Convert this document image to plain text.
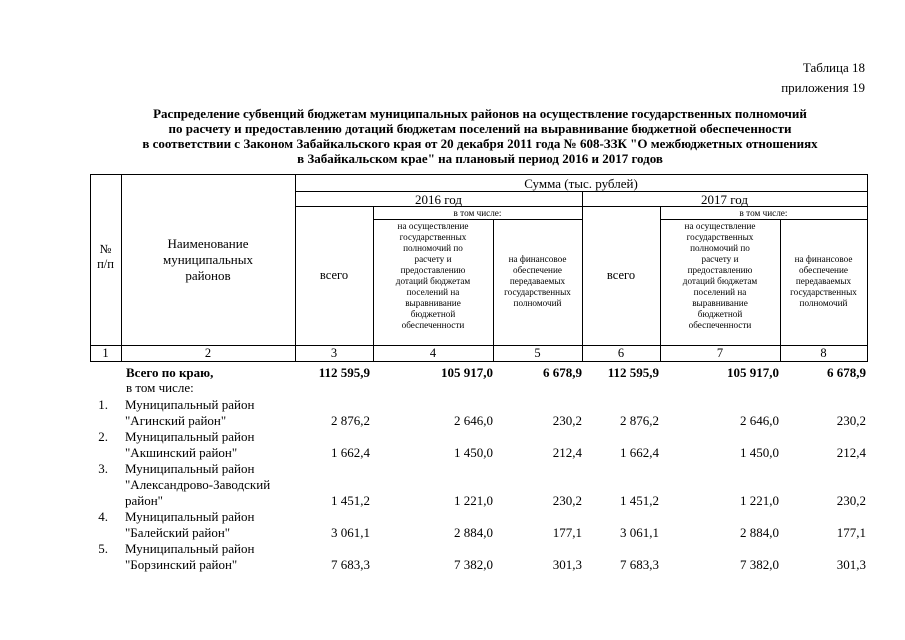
Таблица 18
приложения 19
Распределение субвенций бюджетам муниципальных районов на осуществление государственных полномочий
по расчету и предоставлению дотаций бюджетам поселений на выравнивание бюджетной обеспеченности
в соответствии с Законом Забайкальского края от 20 декабря 2011 года № 608-ЗЗК "О межбюджетных отношениях
в Забайкальском крае" на плановый период 2016 и 2017 годов
№
п/п
Наименование
муниципальных
районов
Сумма (тыс. рублей)
2016 год	2017 год
в том числе:	в том числе:
всего	всего
на осуществление
государственных
полномочий по
расчету и
предоставлению
дотаций бюджетам
поселений на
выравнивание
бюджетной
обеспеченности
на финансовое
обеспечение
передаваемых
государственных
полномочий
на осуществление
государственных
полномочий по
расчету и
предоставлению
дотаций бюджетам
поселений на
выравнивание
бюджетной
обеспеченности
на финансовое
обеспечение
передаваемых
государственных
полномочий
1	2	3	4	5	6	7	8
Всего по краю,
в том числе:
112 595,9	105 917,0	6 678,9 112 595,9	105 917,0	6 678,9
1. Муниципальный район
"Агинский район"	2 876,2	2 646,0	230,2	2 876,2	2 646,0	230,2
2. Муниципальный район
"Акшинский район"	1 662,4	1 450,0	212,4	1 662,4	1 450,0	212,4
3. Муниципальный район
"Александрово-Заводский
район"	1 451,2	1 221,0	230,2	1 451,2	1 221,0	230,2
4. Муниципальный район
"Балейский район"	3 061,1	2 884,0	177,1	3 061,1	2 884,0	177,1
5. Муниципальный район
"Борзинский район"	7 683,3	7 382,0	301,3	7 683,3	7 382,0	301,3
